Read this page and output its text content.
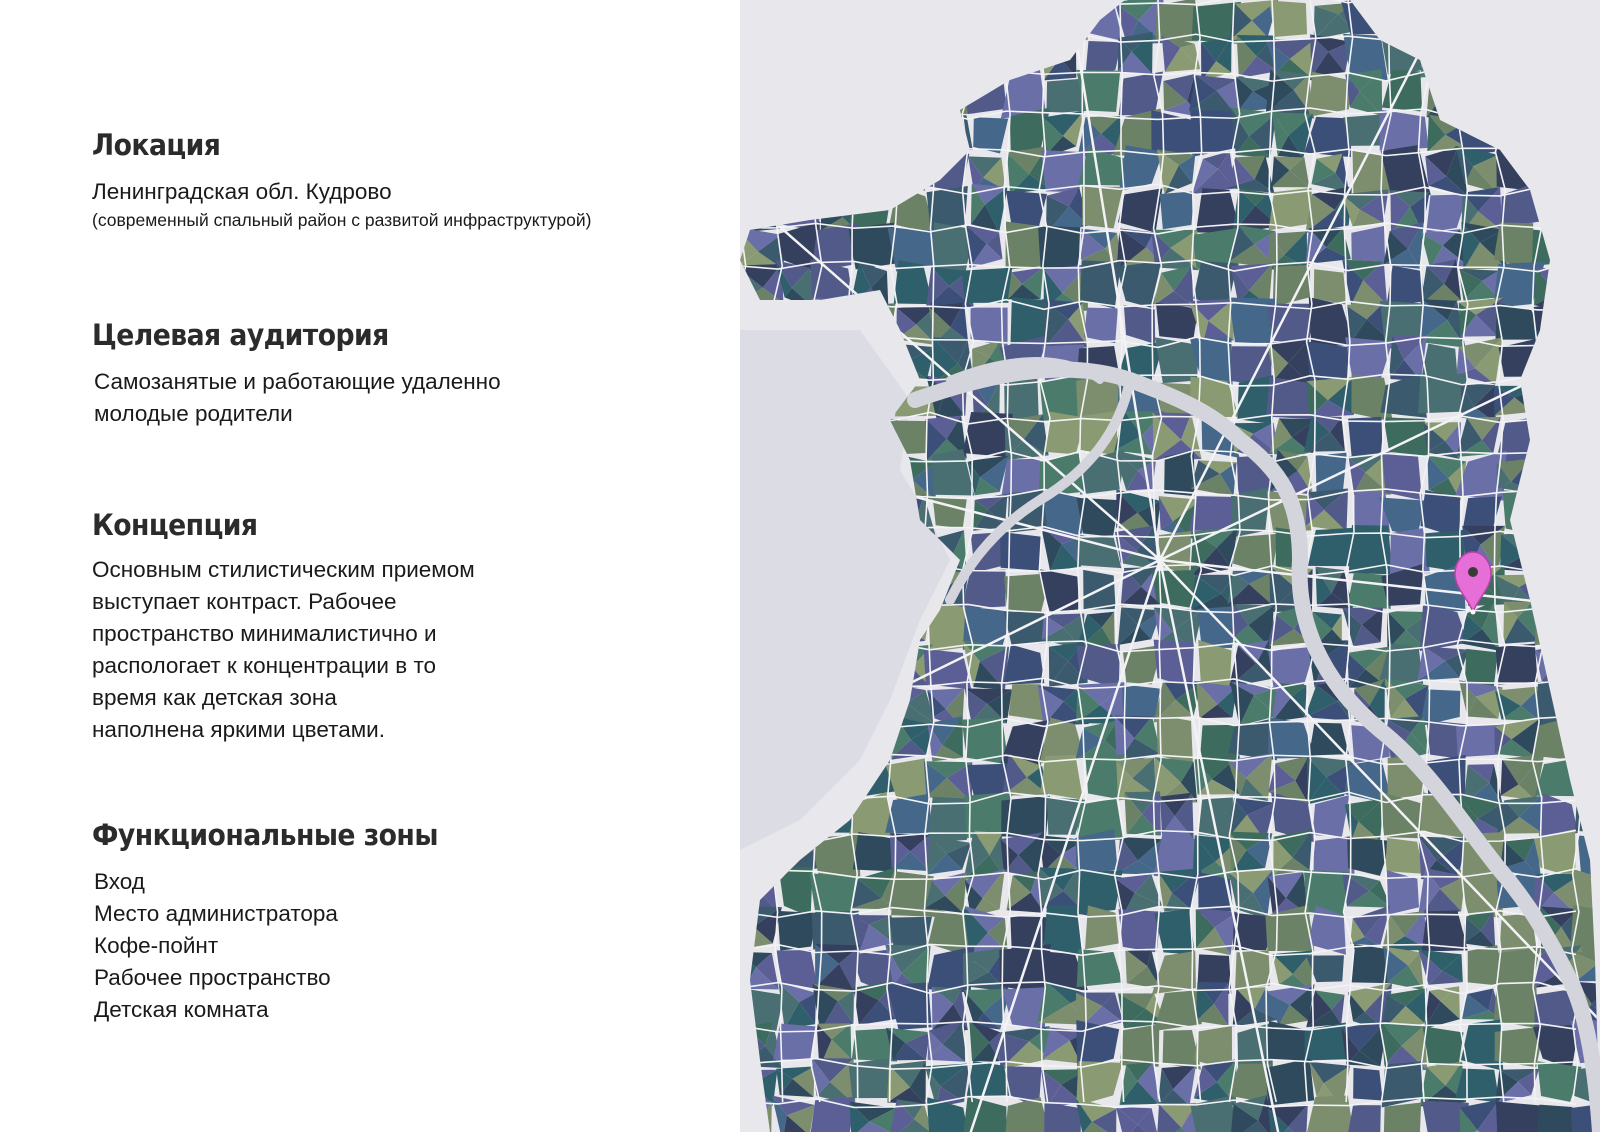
Локация
Ленинградская обл. Кудрово
(современный спальный район с развитой инфраструктурой)
Целевая аудитория
Самозанятые и работающие удаленно
молодые родители
Концепция
Основным стилистическим приемом
выступает контраст. Рабочее
пространство минималистично и
распологает к концентрации в то
время как детская зона
наполнена яркими цветами.
Функциональные зоны
Вход
Место администратора
Кофе-пойнт
Рабочее пространство
Детская комната
